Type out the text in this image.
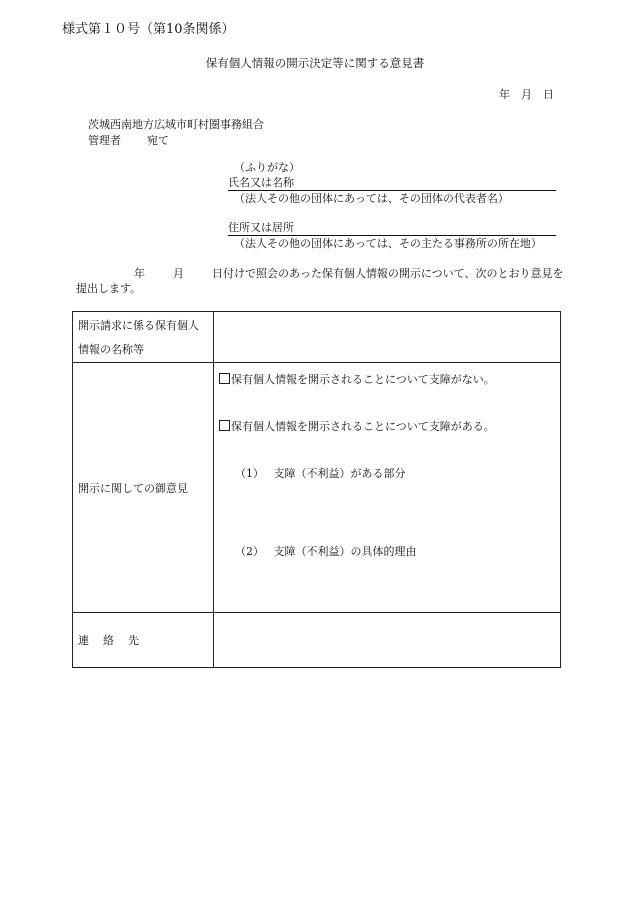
様式第１０号（第10条関係）
保有個人情報の開示決定等に関する意見書
年　月　日
茨城西南地方広域市町村圏事務組合
管理者 宛て
（ふりがな）
氏名又は名称
（法人その他の団体にあっては、その団体の代表者名）
住所又は居所
（法人その他の団体にあっては、その主たる事務所の所在地）
年	月	日付けで照会のあった保有個人情報の開示について、次のとおり意見を提出します。
開示請求に係る保有個人
情報の名称等	

開示に関しての御意見	保有個人情報を開示されることについて支障がない。
保有個人情報を開示されることについて支障がある。
（1） 支障（不利益）がある部分
（2） 支障（不利益）の具体的理由

連 絡 先	
